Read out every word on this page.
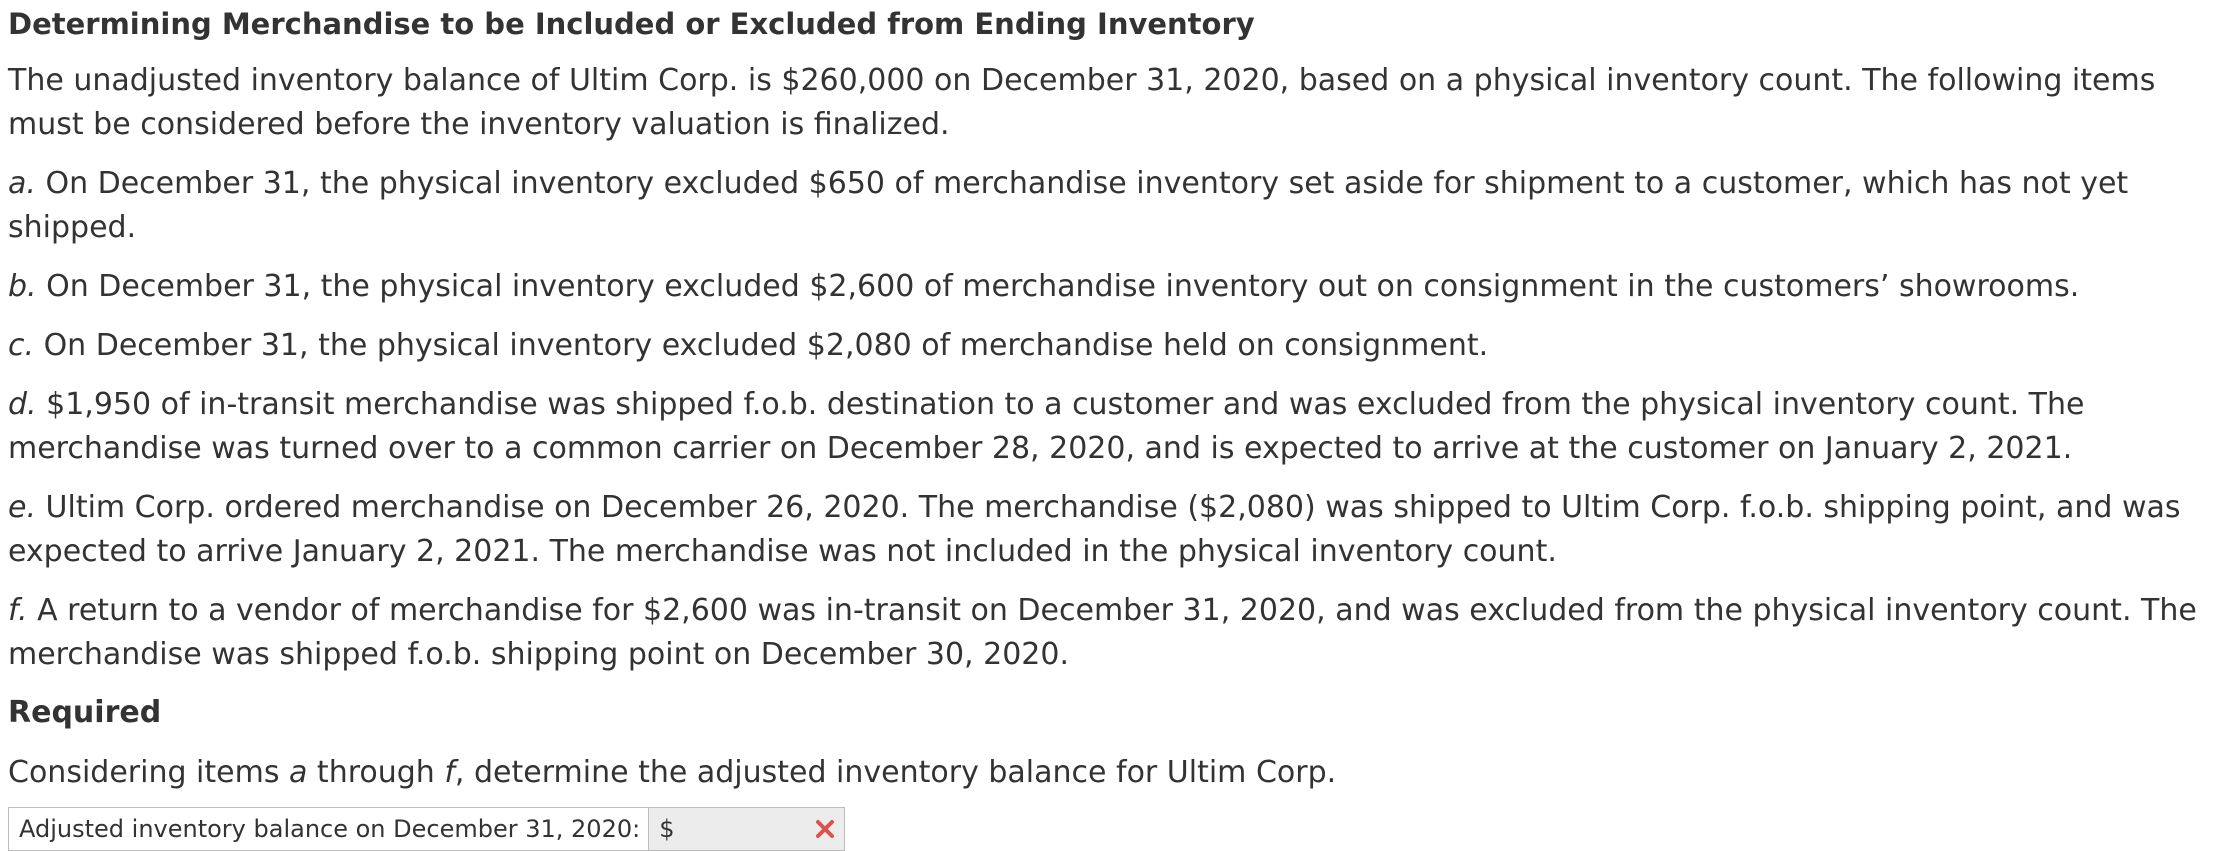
Determining Merchandise to be Included or Excluded from Ending Inventory

The unadjusted inventory balance of Ultim Corp. is $260,000 on December 31, 2020, based on a physical inventory count. The following items must be considered before the inventory valuation is finalized.

a. On December 31, the physical inventory excluded $650 of merchandise inventory set aside for shipment to a customer, which has not yet shipped.

b. On December 31, the physical inventory excluded $2,600 of merchandise inventory out on consignment in the customers’ showrooms.

c. On December 31, the physical inventory excluded $2,080 of merchandise held on consignment.

d. $1,950 of in-transit merchandise was shipped f.o.b. destination to a customer and was excluded from the physical inventory count. The merchandise was turned over to a common carrier on December 28, 2020, and is expected to arrive at the customer on January 2, 2021.

e. Ultim Corp. ordered merchandise on December 26, 2020. The merchandise ($2,080) was shipped to Ultim Corp. f.o.b. shipping point, and was expected to arrive January 2, 2021. The merchandise was not included in the physical inventory count.

f. A return to a vendor of merchandise for $2,600 was in-transit on December 31, 2020, and was excluded from the physical inventory count. The merchandise was shipped f.o.b. shipping point on December 30, 2020.

Required

Considering items a through f, determine the adjusted inventory balance for Ultim Corp.

Adjusted inventory balance on December 31, 2020: $
